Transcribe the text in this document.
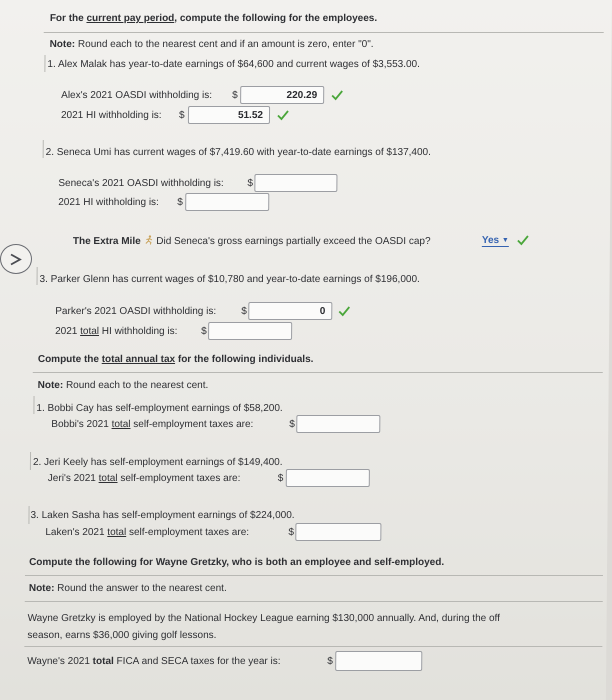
For the current pay period, compute the following for the employees.
Note: Round each to the nearest cent and if an amount is zero, enter "0".
1. Alex Malak has year-to-date earnings of $64,600 and current wages of $3,553.00.
Alex's 2021 OASDI withholding is: $	220.29
2021 HI withholding is: $	51.52
2. Seneca Umi has current wages of $7,419.60 with year-to-date earnings of $137,400.
Seneca's 2021 OASDI withholding is: $
2021 HI withholding is: $
The Extra Mile Did Seneca's gross earnings partially exceed the OASDI cap?	Yes ▼
3. Parker Glenn has current wages of $10,780 and year-to-date earnings of $196,000.
Parker's 2021 OASDI withholding is:	$	0
2021 total HI withholding is: $
Compute the total annual tax for the following individuals.
Note: Round each to the nearest cent.
1. Bobbi Cay has self-employment earnings of $58,200.
Bobbi's 2021 total self-employment taxes are:	$
2. Jeri Keely has self-employment earnings of $149,400.
Jeri's 2021 total self-employment taxes are:	$
3. Laken Sasha has self-employment earnings of $224,000.
Laken's 2021 total self-employment taxes are:	$
Compute the following for Wayne Gretzky, who is both an employee and self-employed.
Note: Round the answer to the nearest cent.
Wayne Gretzky is employed by the National Hockey League earning $130,000 annually. And, during the off
season, earns $36,000 giving golf lessons.
Wayne's 2021 total FICA and SECA taxes for the year is:	$
